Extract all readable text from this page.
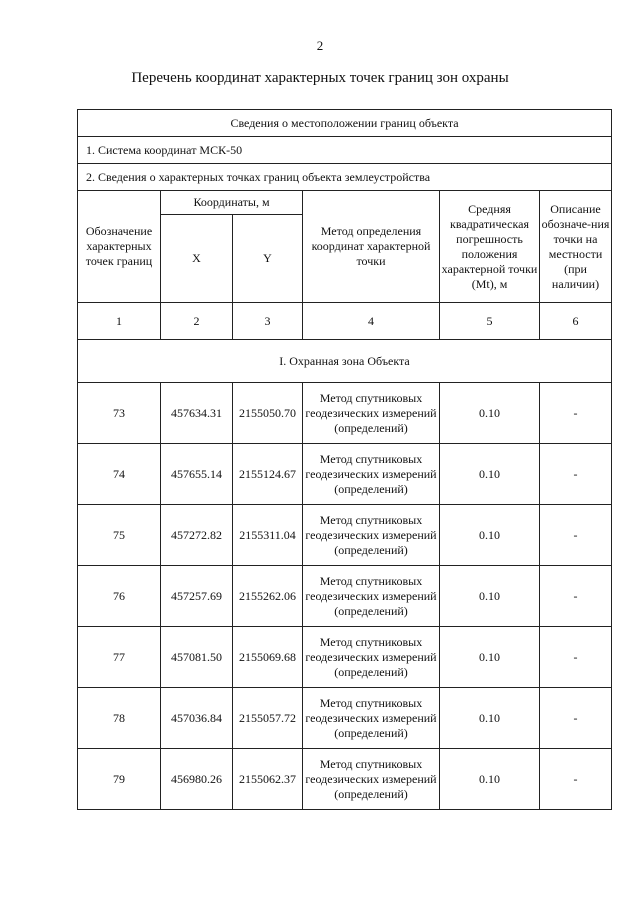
2
Перечень координат характерных точек границ зон охраны
Сведения о местоположении границ объекта					
1. Система координат МСК-50					
2. Сведения о характерных точках границ объекта землеустройства					
Обозначение характерных точек границ	Координаты, м		Метод определения координат характерной точки	Средняя квадратическая погрешность положения характерной точки (Mt), м	Описание обозначе-ния точки на местности (при наличии)
	X	Y			
1	2	3	4	5	6
I. Охранная зона Объекта					
73	457634.31	2155050.70	Метод спутниковых геодезических измерений (определений)	0.10	-
74	457655.14	2155124.67	Метод спутниковых геодезических измерений (определений)	0.10	-
75	457272.82	2155311.04	Метод спутниковых геодезических измерений (определений)	0.10	-
76	457257.69	2155262.06	Метод спутниковых геодезических измерений (определений)	0.10	-
77	457081.50	2155069.68	Метод спутниковых геодезических измерений (определений)	0.10	-
78	457036.84	2155057.72	Метод спутниковых геодезических измерений (определений)	0.10	-
79	456980.26	2155062.37	Метод спутниковых геодезических измерений (определений)	0.10	-
